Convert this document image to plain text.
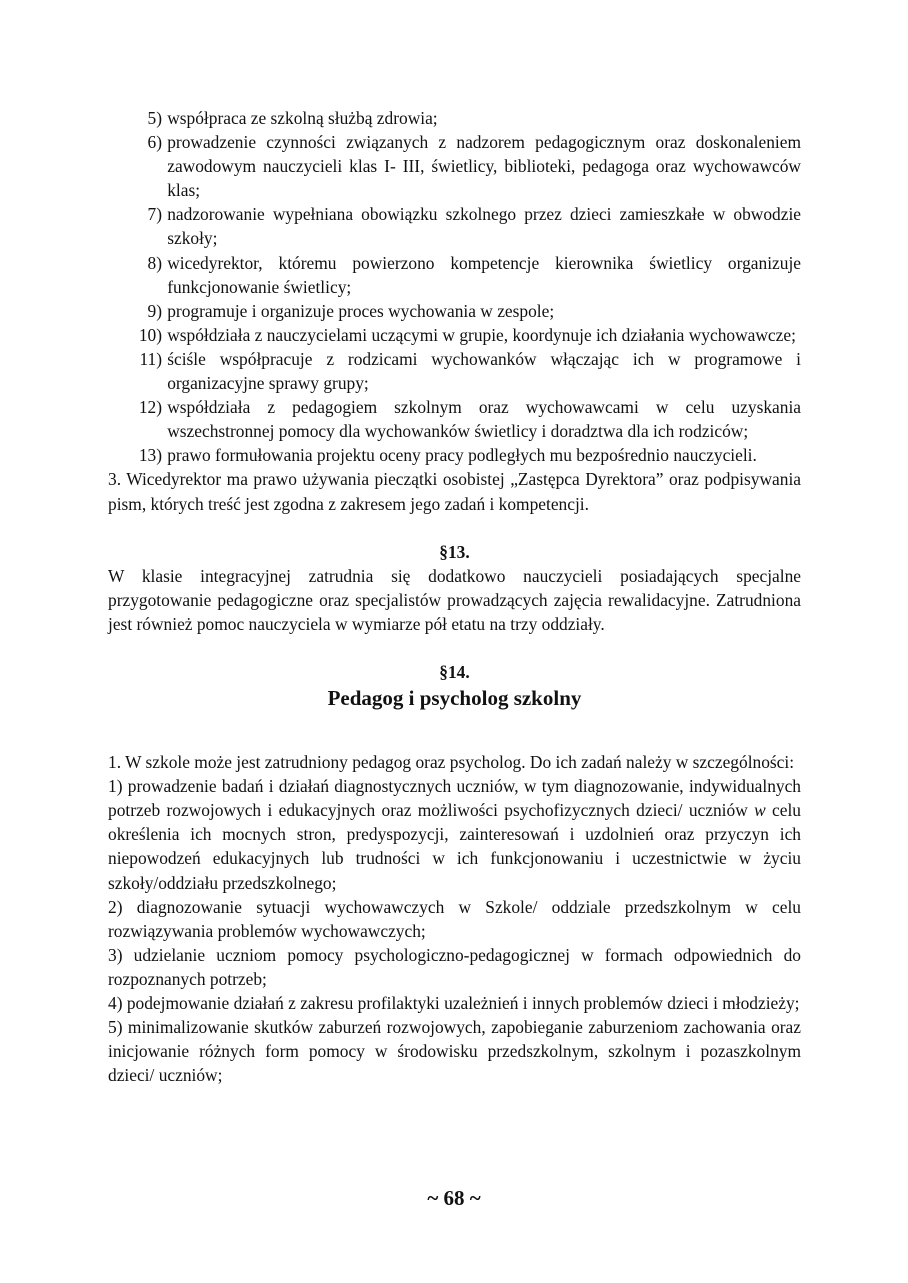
5) współpraca ze szkolną służbą zdrowia;
6) prowadzenie czynności związanych z nadzorem pedagogicznym oraz doskonaleniem zawodowym nauczycieli klas I- III, świetlicy, biblioteki, pedagoga oraz wychowawców klas;
7) nadzorowanie wypełniana obowiązku szkolnego przez dzieci zamieszkałe w obwodzie szkoły;
8) wicedyrektor, któremu powierzono kompetencje kierownika świetlicy organizuje funkcjonowanie świetlicy;
9) programuje i organizuje proces wychowania w zespole;
10) współdziała z nauczycielami uczącymi w grupie, koordynuje ich działania wychowawcze;
11) ściśle współpracuje z rodzicami wychowanków włączając ich w programowe i organizacyjne sprawy grupy;
12) współdziała z pedagogiem szkolnym oraz wychowawcami w celu uzyskania wszechstronnej pomocy dla wychowanków świetlicy i doradztwa dla ich rodziców;
13) prawo formułowania projektu oceny pracy podległych mu bezpośrednio nauczycieli.

3. Wicedyrektor ma prawo używania pieczątki osobistej „Zastępca Dyrektora” oraz podpisywania pism, których treść jest zgodna z zakresem jego zadań i kompetencji.

§13.

W klasie integracyjnej zatrudnia się dodatkowo nauczycieli posiadających specjalne przygotowanie pedagogiczne oraz specjalistów prowadzących zajęcia rewalidacyjne. Zatrudniona jest również pomoc nauczyciela w wymiarze pół etatu na trzy oddziały.

§14.

Pedagog i psycholog szkolny

1. W szkole może jest zatrudniony pedagog oraz psycholog. Do ich zadań należy w szczególności:

1) prowadzenie badań i działań diagnostycznych uczniów, w tym diagnozowanie, indywidualnych potrzeb rozwojowych i edukacyjnych oraz możliwości psychofizycznych dzieci/ uczniów w celu określenia ich mocnych stron, predyspozycji, zainteresowań i uzdolnień oraz przyczyn ich niepowodzeń edukacyjnych lub trudności w ich funkcjonowaniu i uczestnictwie w życiu szkoły/oddziału przedszkolnego;

2) diagnozowanie sytuacji wychowawczych w Szkole/ oddziale przedszkolnym w celu rozwiązywania problemów wychowawczych;

3) udzielanie uczniom pomocy psychologiczno-pedagogicznej w formach odpowiednich do rozpoznanych potrzeb;

4) podejmowanie działań z zakresu profilaktyki uzależnień i innych problemów dzieci i młodzieży;

5) minimalizowanie skutków zaburzeń rozwojowych, zapobieganie zaburzeniom zachowania oraz inicjowanie różnych form pomocy w środowisku przedszkolnym, szkolnym i pozaszkolnym dzieci/ uczniów;

~ 68 ~
